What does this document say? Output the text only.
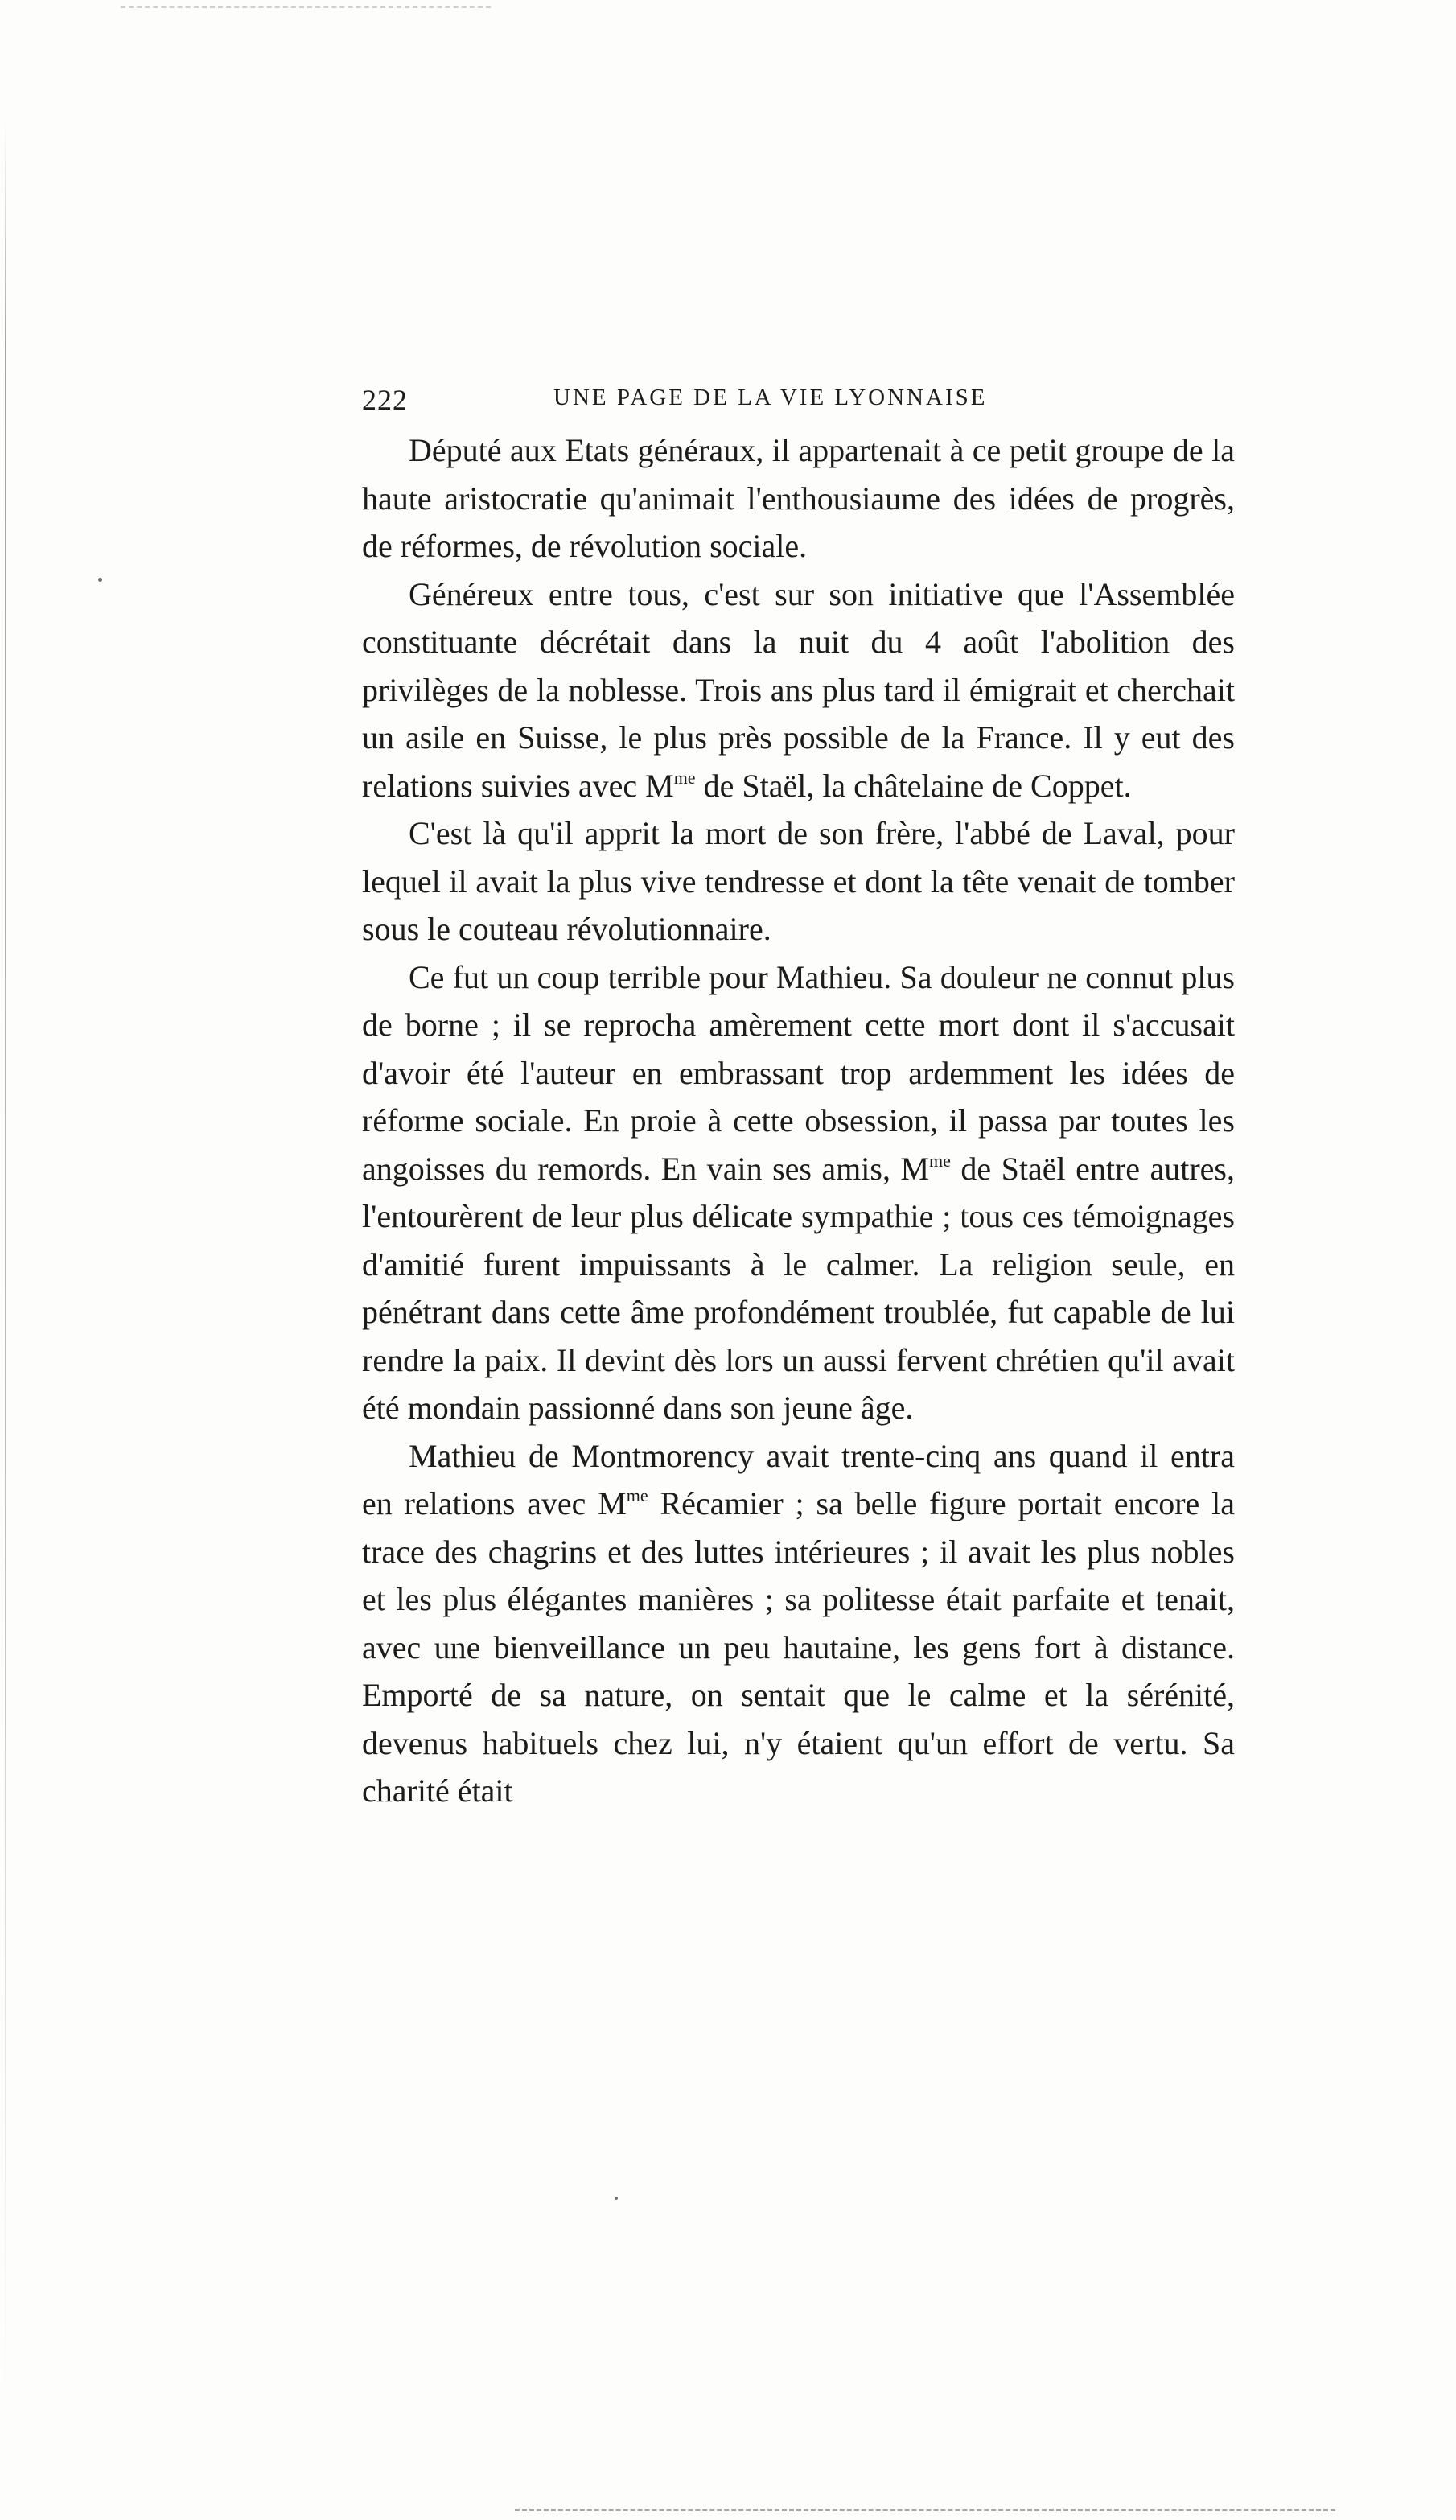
222	UNE PAGE DE LA VIE LYONNAISE

Député aux Etats généraux, il appartenait à ce petit groupe de la haute aristocratie qu'animait l'enthousiaume des idées de progrès, de réformes, de révolution sociale.

Généreux entre tous, c'est sur son initiative que l'Assemblée constituante décrétait dans la nuit du 4 août l'abolition des privilèges de la noblesse. Trois ans plus tard il émigrait et cherchait un asile en Suisse, le plus près possible de la France. Il y eut des relations suivies avec $M^{me}$ de Staël, la châtelaine de Coppet.

C'est là qu'il apprit la mort de son frère, l'abbé de Laval, pour lequel il avait la plus vive tendresse et dont la tête venait de tomber sous le couteau révolutionnaire.

Ce fut un coup terrible pour Mathieu. Sa douleur ne connut plus de borne ; il se reprocha amèrement cette mort dont il s'accusait d'avoir été l'auteur en embrassant trop ardemment les idées de réforme sociale. En proie à cette obsession, il passa par toutes les angoisses du remords. En vain ses amis, $M^{me}$ de Staël entre autres, l'entourèrent de leur plus délicate sympathie ; tous ces témoignages d'amitié furent impuissants à le calmer. La religion seule, en pénétrant dans cette âme profondément troublée, fut capable de lui rendre la paix. Il devint dès lors un aussi fervent chrétien qu'il avait été mondain passionné dans son jeune âge.

Mathieu de Montmorency avait trente-cinq ans quand il entra en relations avec $M^{me}$ Récamier ; sa belle figure portait encore la trace des chagrins et des luttes intérieures ; il avait les plus nobles et les plus élégantes manières ; sa politesse était parfaite et tenait, avec une bienveillance un peu hautaine, les gens fort à distance. Emporté de sa nature, on sentait que le calme et la sérénité, devenus habituels chez lui, n'y étaient qu'un effort de vertu. Sa charité était
